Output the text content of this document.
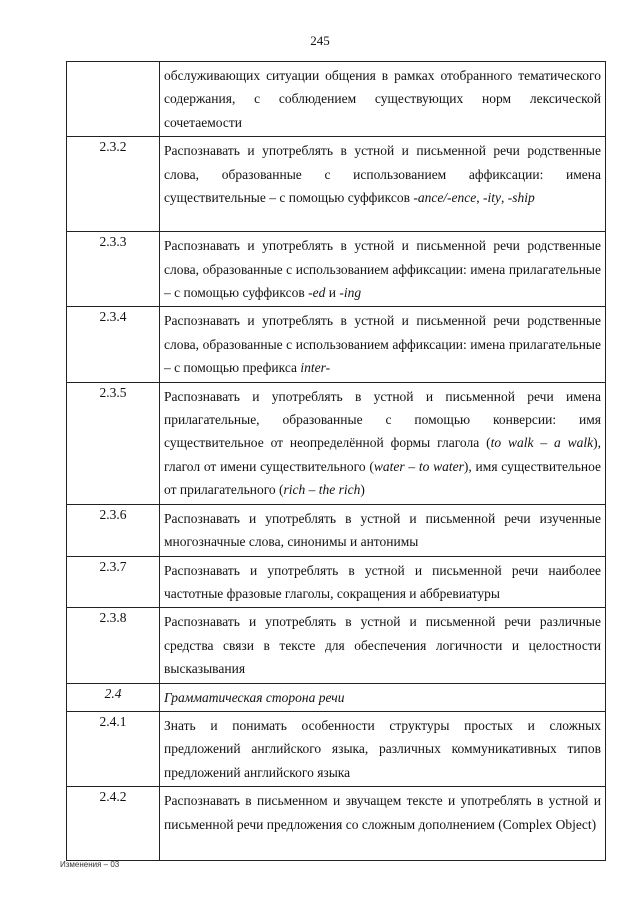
245
	обслуживающих ситуации общения в рамках отобранного тематического содержания, с соблюдением существующих норм лексической сочетаемости
2.3.2	Распознавать и употреблять в устной и письменной речи родственные слова, образованные с использованием аффиксации: имена существительные – с помощью суффиксов -ance/-ence, -ity, -ship
2.3.3	Распознавать и употреблять в устной и письменной речи родственные слова, образованные с использованием аффиксации: имена прилагательные – с помощью суффиксов -ed и -ing
2.3.4	Распознавать и употреблять в устной и письменной речи родственные слова, образованные с использованием аффиксации: имена прилагательные – с помощью префикса inter-
2.3.5	Распознавать и употреблять в устной и письменной речи имена прилагательные, образованные с помощью конверсии: имя существительное от неопределённой формы глагола (to walk – a walk), глагол от имени существительного (water – to water), имя существительное от прилагательного (rich – the rich)
2.3.6	Распознавать и употреблять в устной и письменной речи изученные многозначные слова, синонимы и антонимы
2.3.7	Распознавать и употреблять в устной и письменной речи наиболее частотные фразовые глаголы, сокращения и аббревиатуры
2.3.8	Распознавать и употреблять в устной и письменной речи различные средства связи в тексте для обеспечения логичности и целостности высказывания
2.4	Грамматическая сторона речи
2.4.1	Знать и понимать особенности структуры простых и сложных предложений английского языка, различных коммуникативных типов предложений английского языка
2.4.2	Распознавать в письменном и звучащем тексте и употреблять в устной и письменной речи предложения со сложным дополнением (Complex Object)
Изменения – 03
